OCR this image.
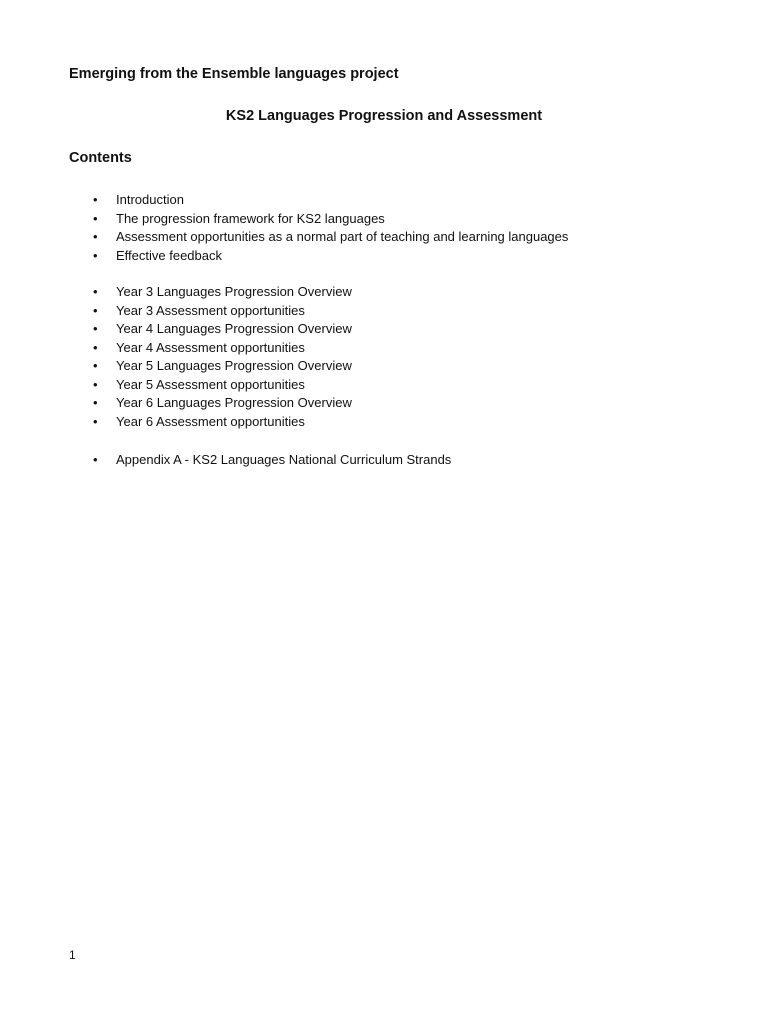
Emerging from the Ensemble languages project
KS2 Languages Progression and Assessment
Contents
• Introduction
• The progression framework for KS2 languages
• Assessment opportunities as a normal part of teaching and learning languages
• Effective feedback
• Year 3 Languages Progression Overview
• Year 3 Assessment opportunities
• Year 4 Languages Progression Overview
• Year 4 Assessment opportunities
• Year 5 Languages Progression Overview
• Year 5 Assessment opportunities
• Year 6 Languages Progression Overview
• Year 6 Assessment opportunities
• Appendix A - KS2 Languages National Curriculum Strands
1
